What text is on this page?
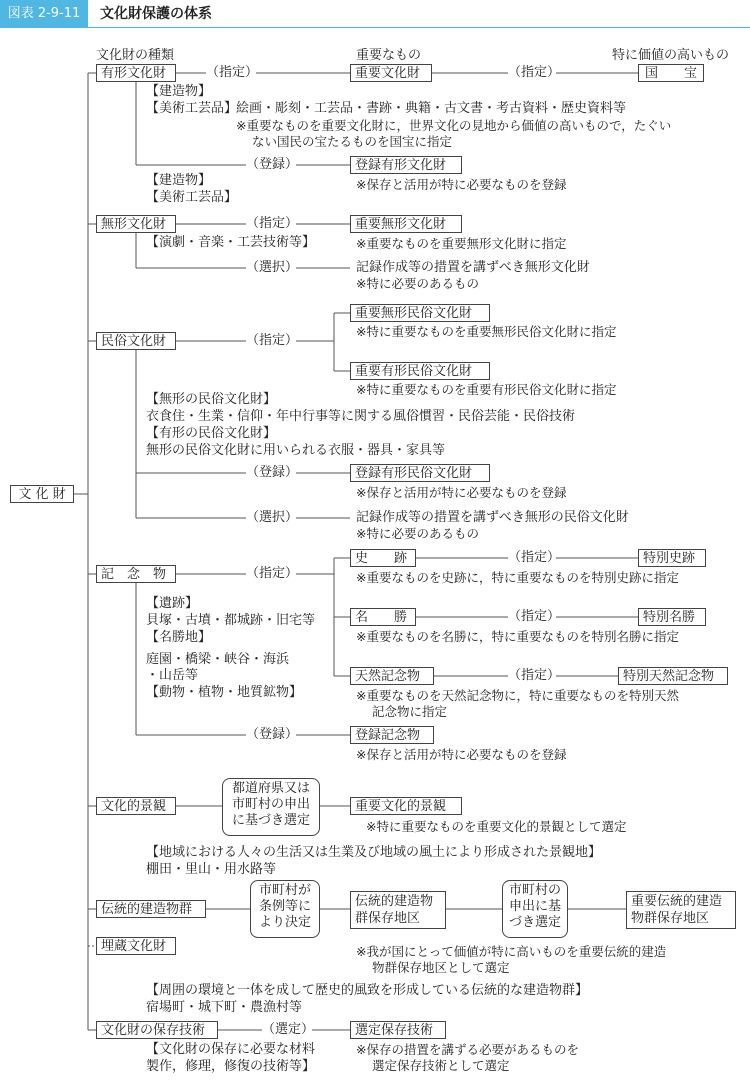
図表 2-9-11	文化財保護の体系
文化財の種類	重要なもの	特に価値の高いもの
文 化 財
有形文化財	（指定）	重要文化財	（指定）	国　　宝
【建造物】
【美術工芸品】
絵画・彫刻・工芸品・書跡・典籍・古文書・考古資料・歴史資料等
※重要なものを重要文化財に，世界文化の見地から価値の高いもので，たぐい
ない国民の宝たるものを国宝に指定
（登録）	登録有形文化財
※保存と活用が特に必要なものを登録
【建造物】
【美術工芸品】
無形文化財	（指定）	重要無形文化財
※重要なものを重要無形文化財に指定
【演劇・音楽・工芸技術等】
（選択）	記録作成等の措置を講ずべき無形文化財
※特に必要のあるもの
民俗文化財	（指定）
重要無形民俗文化財
※特に重要なものを重要無形民俗文化財に指定
重要有形民俗文化財
※特に重要なものを重要有形民俗文化財に指定
【無形の民俗文化財】
衣食住・生業・信仰・年中行事等に関する風俗慣習・民俗芸能・民俗技術
【有形の民俗文化財】
無形の民俗文化財に用いられる衣服・器具・家具等
（登録）	登録有形民俗文化財
※保存と活用が特に必要なものを登録
（選択）	記録作成等の措置を講ずべき無形の民俗文化財
※特に必要のあるもの
記　念　物	（指定）
史　　跡	（指定）	特別史跡
※重要なものを史跡に，特に重要なものを特別史跡に指定
名　　勝	（指定）	特別名勝
※重要なものを名勝に，特に重要なものを特別名勝に指定
天然記念物	（指定）	特別天然記念物
※重要なものを天然記念物に，特に重要なものを特別天然
記念物に指定
【遺跡】
貝塚・古墳・都城跡・旧宅等
【名勝地】
庭園・橋梁・峡谷・海浜
・山岳等
【動物・植物・地質鉱物】
（登録）	登録記念物
※保存と活用が特に必要なものを登録
文化的景観
都道府県又は
市町村の申出
に基づき選定
重要文化的景観
※特に重要なものを重要文化的景観として選定
【地域における人々の生活又は生業及び地域の風土により形成された景観地】
棚田・里山・用水路等
伝統的建造物群
市町村が
条例等に
より決定
伝統的建造物
群保存地区
市町村の
申出に基
づき選定
重要伝統的建造
物群保存地区
※我が国にとって価値が特に高いものを重要伝統的建造
物群保存地区として選定
【周囲の環境と一体を成して歴史的風致を形成している伝統的な建造物群】
宿場町・城下町・農漁村等
埋蔵文化財
文化財の保存技術	（選定）	選定保存技術
【文化財の保存に必要な材料
製作，修理，修復の技術等】
※保存の措置を講ずる必要があるものを
選定保存技術として選定
